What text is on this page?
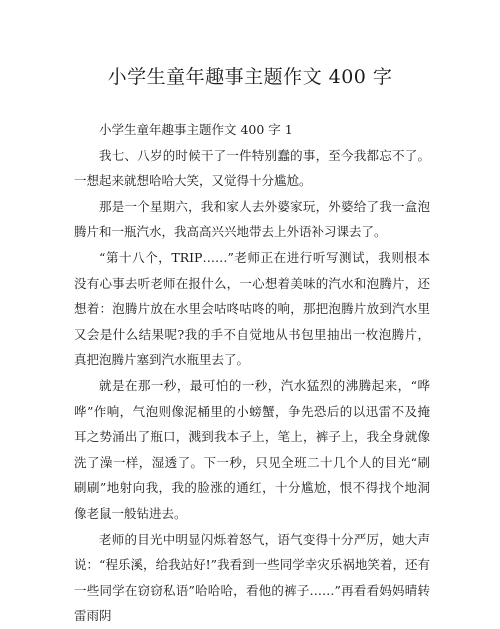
小学生童年趣事主题作文 400 字

小学生童年趣事主题作文 400 字 1

我七、八岁的时候干了一件特别蠢的事，至今我都忘不了。一想起来就想哈哈大笑，又觉得十分尴尬。

那是一个星期六，我和家人去外婆家玩，外婆给了我一盒泡腾片和一瓶汽水，我高高兴兴地带去上外语补习课去了。

“第十八个，TRIP……”老师正在进行听写测试，我则根本没有心事去听老师在报什么，一心想着美味的汽水和泡腾片，还想着：泡腾片放在水里会咕咚咕咚的响，那把泡腾片放到汽水里又会是什么结果呢?我的手不自觉地从书包里抽出一枚泡腾片，真把泡腾片塞到汽水瓶里去了。

就是在那一秒，最可怕的一秒，汽水猛烈的沸腾起来，“哗哗”作响，气泡则像泥桶里的小螃蟹，争先恐后的以迅雷不及掩耳之势涌出了瓶口，溅到我本子上，笔上，裤子上，我全身就像洗了澡一样，湿透了。下一秒，只见全班二十几个人的目光“刷刷刷”地射向我，我的脸涨的通红，十分尴尬，恨不得找个地洞像老鼠一般钻进去。

老师的目光中明显闪烁着怒气，语气变得十分严厉，她大声说：“程乐溪，给我站好!”我看到一些同学幸灾乐祸地笑着，还有一些同学在窃窃私语”哈哈哈，看他的裤子……”再看看妈妈晴转雷雨阴
